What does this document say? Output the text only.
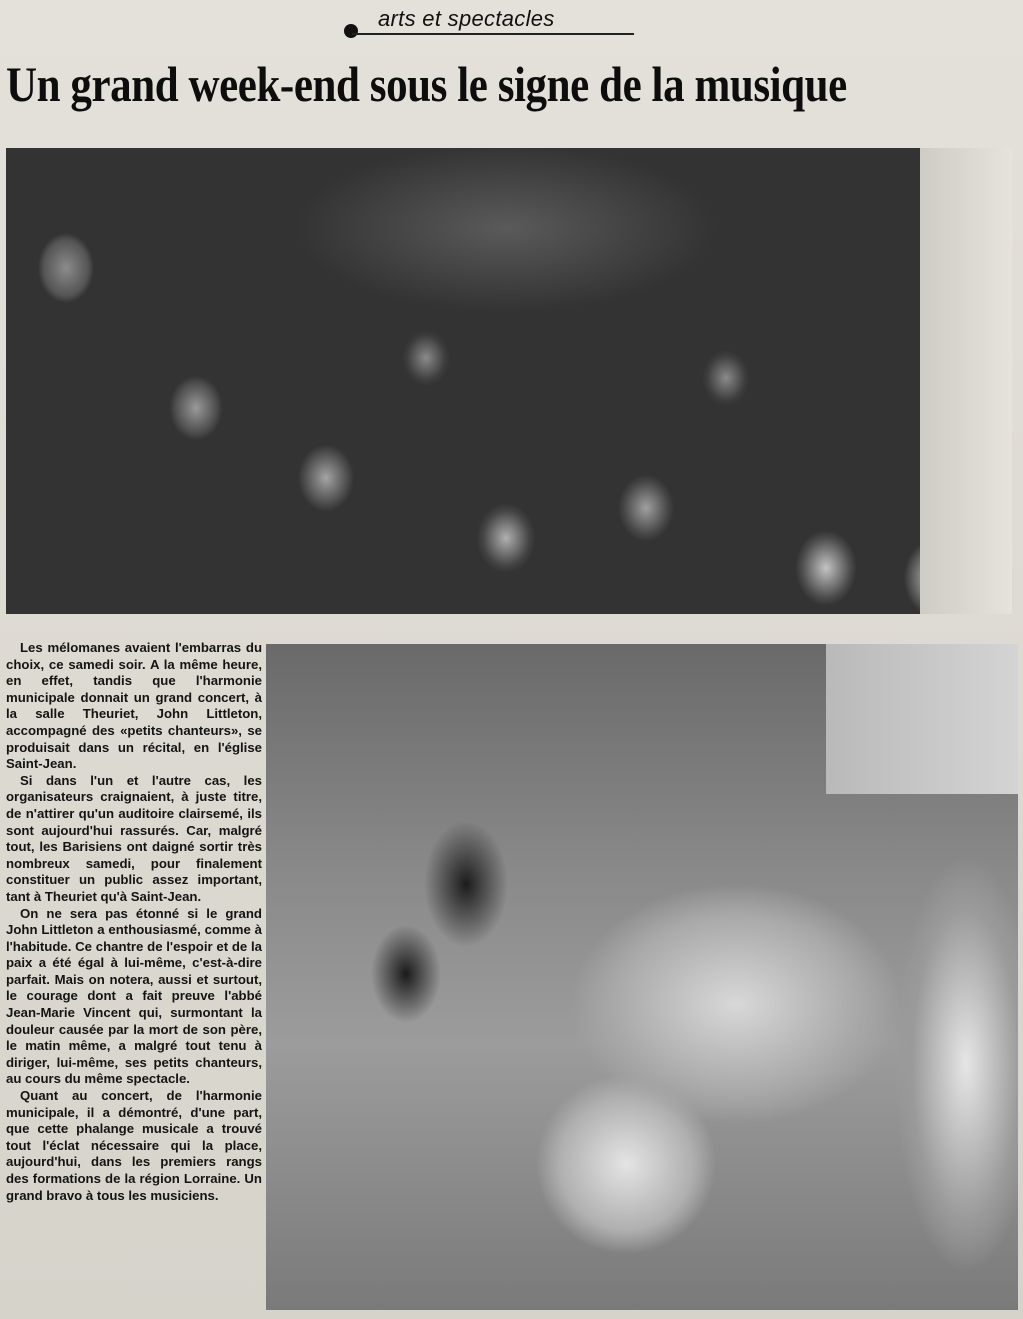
arts et spectacles
Un grand week-end sous le signe de la musique

Les mélomanes avaient l'embarras du choix, ce samedi soir. A la même heure, en effet, tandis que l'harmonie municipale donnait un grand concert, à la salle Theuriet, John Littleton, accompagné des «petits chanteurs», se produisait dans un récital, en l'église Saint-Jean.

Si dans l'un et l'autre cas, les organisateurs craignaient, à juste titre, de n'attirer qu'un auditoire clairsemé, ils sont aujourd'hui rassurés. Car, malgré tout, les Barisiens ont daigné sortir très nombreux samedi, pour finalement constituer un public assez important, tant à Theuriet qu'à Saint-Jean.

On ne sera pas étonné si le grand John Littleton a enthousiasmé, comme à l'habitude. Ce chantre de l'espoir et de la paix a été égal à lui-même, c'est-à-dire parfait. Mais on notera, aussi et surtout, le courage dont a fait preuve l'abbé Jean-Marie Vincent qui, surmontant la douleur causée par la mort de son père, le matin même, a malgré tout tenu à diriger, lui-même, ses petits chanteurs, au cours du même spectacle.

Quant au concert, de l'harmonie municipale, il a démontré, d'une part, que cette phalange musicale a trouvé tout l'éclat nécessaire qui la place, aujourd'hui, dans les premiers rangs des formations de la région Lorraine. Un grand bravo à tous les musiciens.
